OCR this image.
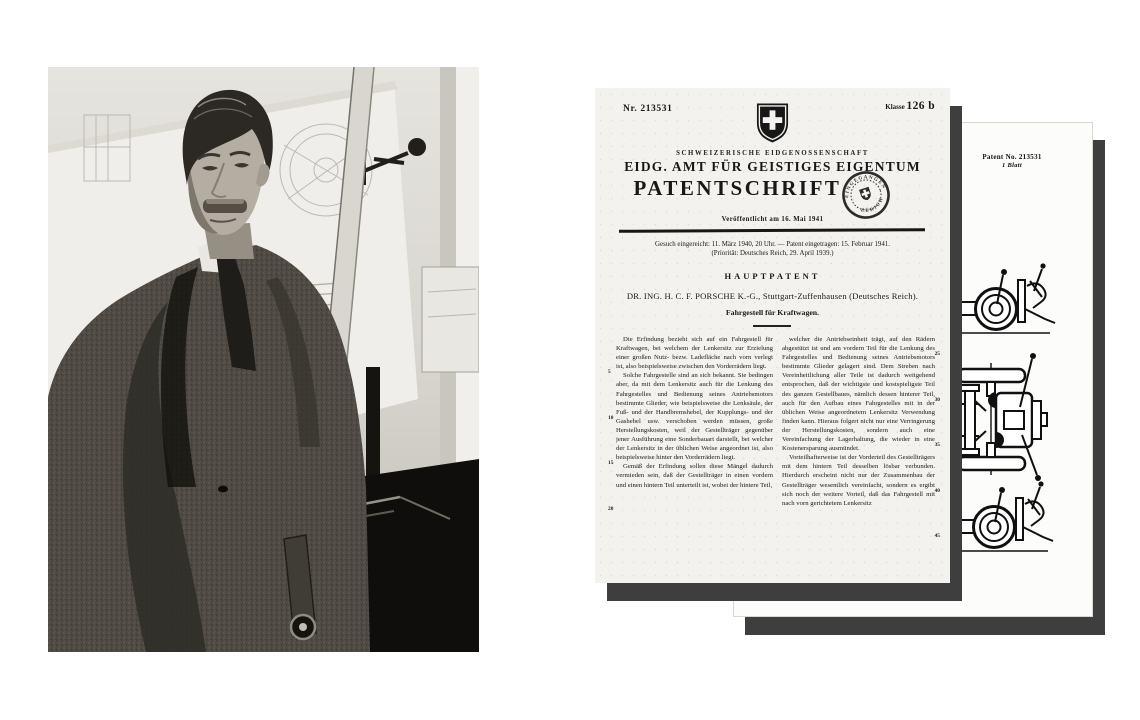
Patent No. 213531
1 Blatt
Nr. 213531	Klasse 126 b
SCHWEIZERISCHE EIDGENOSSENSCHAFT
EIDG. AMT FÜR GEISTIGES EIGENTUM
PATENTSCHRIFT EINGEGANGEN
ZÜRICH
Veröffentlicht am 16. Mai 1941
Gesuch eingereicht: 11. März 1940, 20 Uhr. — Patent eingetragen: 15. Februar 1941.
(Priorität: Deutsches Reich, 29. April 1939.)
HAUPTPATENT
DR. ING. H. C. F. PORSCHE K.-G., Stuttgart-Zuffenhausen (Deutsches Reich).
Fahrgestell für Kraftwagen.
5
10
15
20
25
30
35
40
45

Die Erfindung bezieht sich auf ein Fahrgestell für Kraftwagen, bei welchem der Lenkersitz zur Erzielung einer großen Nutz- bezw. Ladefläche nach vorn verlegt ist, also beispielsweise zwischen den Vorderrädern liegt.

Solche Fahrgestelle sind an sich bekannt. Sie bedingen aber, da mit dem Lenkersitz auch für die Lenkung des Fahrgestelles und Bedienung seines Antriebsmotors bestimmte Glieder, wie beispielsweise die Lenksäule, der Fuß- und der Handbremshebel, der Kupplungs- und der Gashebel usw. verschoben werden müssen, große Herstellungskosten, weil der Gestellträger gegenüber jener Ausführung eine Sonderbauart darstellt, bei welcher der Lenkersitz in der üblichen Weise angeordnet ist, also beispielsweise hinter den Vorderrädern liegt.

Gemäß der Erfindung sollen diese Mängel dadurch vermieden sein, daß der Gestellträger in einen vordern und einen hintern Teil unterteilt ist, wobei der hintere Teil,

welcher die Antriebseinheit trägt, auf den Rädern abgestützt ist und am vordern Teil für die Lenkung des Fahrgestelles und Bedienung seines Antriebsmotors bestimmte Glieder gelagert sind. Dem Streben nach Vereinheitlichung aller Teile ist dadurch weitgehend entsprochen, daß der wichtigste und kostspieligste Teil des ganzen Gestellbaues, nämlich dessen hinterer Teil, auch für den Aufbau eines Fahrgestelles mit in der üblichen Weise angeordnetem Lenkersitz Verwendung finden kann. Hieraus folgert nicht nur eine Verringerung der Herstellungskosten, sondern auch eine Vereinfachung der Lagerhaltung, die wieder in eine Kostenersparung ausmündet.

Vorteilhafterweise ist der Vorderteil des Gestellträgers mit dem hintern Teil desselben lösbar verbunden. Hierdurch erscheint nicht nur der Zusammenbau der Gestellträger wesentlich vereinfacht, sondern es ergibt sich noch der weitere Vorteil, daß das Fahrgestell mit nach vorn gerichtetem Lenkersitz
